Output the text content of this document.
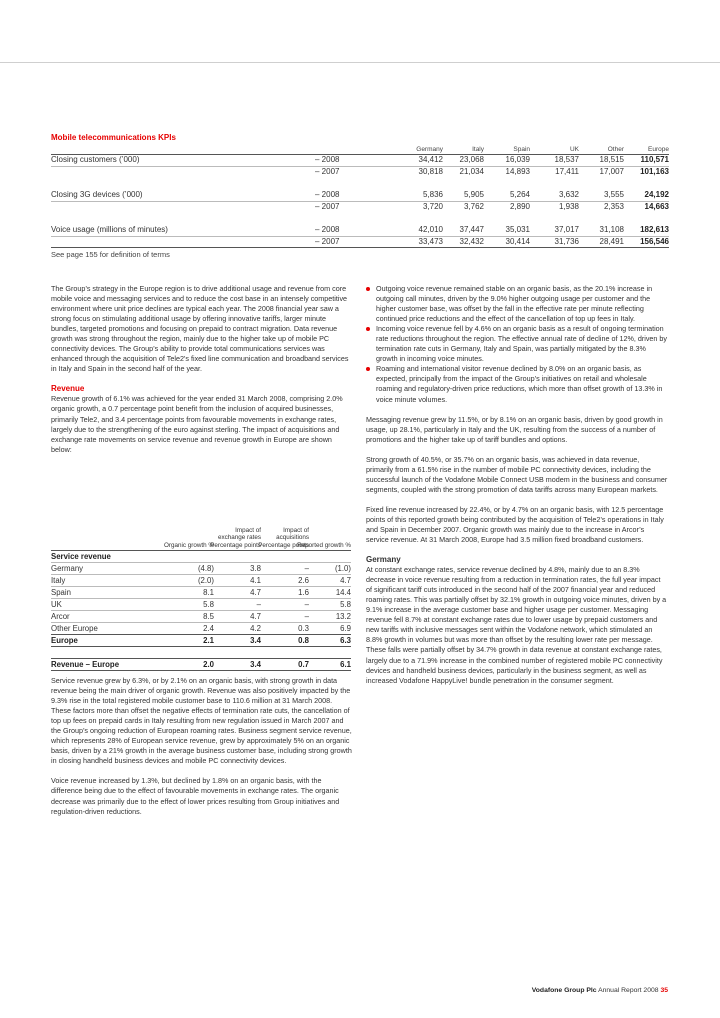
Mobile telecommunications KPIs
Germany	Italy	Spain	UK	Other	Europe
Closing customers (’000)	– 2008	34,412	23,068	16,039	18,537	18,515	110,571
– 2007	30,818	21,034	14,893	17,411	17,007	101,163
Closing 3G devices (’000)	– 2008	5,836	5,905	5,264	3,632	3,555	24,192
– 2007	3,720	3,762	2,890	1,938	2,353	14,663
Voice usage (millions of minutes)	– 2008	42,010	37,447	35,031	37,017	31,108	182,613
– 2007	33,473	32,432	30,414	31,736	28,491	156,546
See page 155 for definition of terms

The Group’s strategy in the Europe region is to drive additional usage and revenue from core mobile voice and messaging services and to reduce the cost base in an intensely competitive environment where unit price declines are typical each year. The 2008 financial year saw a strong focus on stimulating additional usage by offering innovative tariffs, larger minute bundles, targeted promotions and focusing on prepaid to contract migration. Data revenue growth was strong throughout the region, mainly due to the higher take up of mobile PC connectivity devices. The Group’s ability to provide total communications services was enhanced through the acquisition of Tele2’s fixed line communication and broadband services in Italy and Spain in the second half of the year.

Revenue

Revenue growth of 6.1% was achieved for the year ended 31 March 2008, comprising 2.0% organic growth, a 0.7 percentage point benefit from the inclusion of acquired businesses, primarily Tele2, and 3.4 percentage points from favourable movements in exchange rates, largely due to the strengthening of the euro against sterling. The impact of acquisitions and exchange rate movements on service revenue and revenue growth in Europe are shown below:

Organic growth %
Impact of exchange rates Percentage points
Impact of acquisitions Percentage points
Reported growth %
Service revenue
Germany	(4.8)	3.8	–	(1.0)
Italy	(2.0)	4.1	2.6	4.7
Spain	8.1	4.7	1.6	14.4
UK	5.8	–	–	5.8
Arcor	8.5	4.7	–	13.2
Other Europe	2.4	4.2	0.3	6.9
Europe	2.1	3.4	0.8	6.3
Revenue – Europe	2.0	3.4	0.7	6.1

Service revenue grew by 6.3%, or by 2.1% on an organic basis, with strong growth in data revenue being the main driver of organic growth. Revenue was also positively impacted by the 9.3% rise in the total registered mobile customer base to 110.6 million at 31 March 2008. These factors more than offset the negative effects of termination rate cuts, the cancellation of top up fees on prepaid cards in Italy resulting from new regulation issued in March 2007 and the Group’s ongoing reduction of European roaming rates. Business segment service revenue, which represents 28% of European service revenue, grew by approximately 5% on an organic basis, driven by a 21% growth in the average business customer base, including strong growth in closing handheld business devices and mobile PC connectivity devices.

Voice revenue increased by 1.3%, but declined by 1.8% on an organic basis, with the difference being due to the effect of favourable movements in exchange rates. The organic decrease was primarily due to the effect of lower prices resulting from Group initiatives and regulation-driven reductions.

Outgoing voice revenue remained stable on an organic basis, as the 20.1% increase in outgoing call minutes, driven by the 9.0% higher outgoing usage per customer and the higher customer base, was offset by the fall in the effective rate per minute reflecting continued price reductions and the effect of the cancellation of top up fees in Italy.
Incoming voice revenue fell by 4.6% on an organic basis as a result of ongoing termination rate reductions throughout the region. The effective annual rate of decline of 12%, driven by termination rate cuts in Germany, Italy and Spain, was partially mitigated by the 8.3% growth in incoming voice minutes.
Roaming and international visitor revenue declined by 8.0% on an organic basis, as expected, principally from the impact of the Group’s initiatives on retail and wholesale roaming and regulatory-driven price reductions, which more than offset growth of 13.3% in voice minute volumes.

Messaging revenue grew by 11.5%, or by 8.1% on an organic basis, driven by good growth in usage, up 28.1%, particularly in Italy and the UK, resulting from the success of a number of promotions and the higher take up of tariff bundles and options.

Strong growth of 40.5%, or 35.7% on an organic basis, was achieved in data revenue, primarily from a 61.5% rise in the number of mobile PC connectivity devices, including the successful launch of the Vodafone Mobile Connect USB modem in the business and consumer segments, coupled with the strong promotion of data tariffs across many European markets.

Fixed line revenue increased by 22.4%, or by 4.7% on an organic basis, with 12.5 percentage points of this reported growth being contributed by the acquisition of Tele2’s operations in Italy and Spain in December 2007. Organic growth was mainly due to the increase in Arcor’s service revenue. At 31 March 2008, Europe had 3.5 million fixed broadband customers.

Germany

At constant exchange rates, service revenue declined by 4.8%, mainly due to an 8.3% decrease in voice revenue resulting from a reduction in termination rates, the full year impact of significant tariff cuts introduced in the second half of the 2007 financial year and reduced roaming rates. This was partially offset by 32.1% growth in outgoing voice minutes, driven by a 9.1% increase in the average customer base and higher usage per customer. Messaging revenue fell 8.7% at constant exchange rates due to lower usage by prepaid customers and new tariffs with inclusive messages sent within the Vodafone network, which stimulated an 8.8% growth in volumes but was more than offset by the resulting lower rate per message. These falls were partially offset by 34.7% growth in data revenue at constant exchange rates, largely due to a 71.9% increase in the combined number of registered mobile PC connectivity devices and handheld business devices, particularly in the business segment, as well as increased Vodafone HappyLive! bundle penetration in the consumer segment.

Vodafone Group Plc Annual Report 2008 35
